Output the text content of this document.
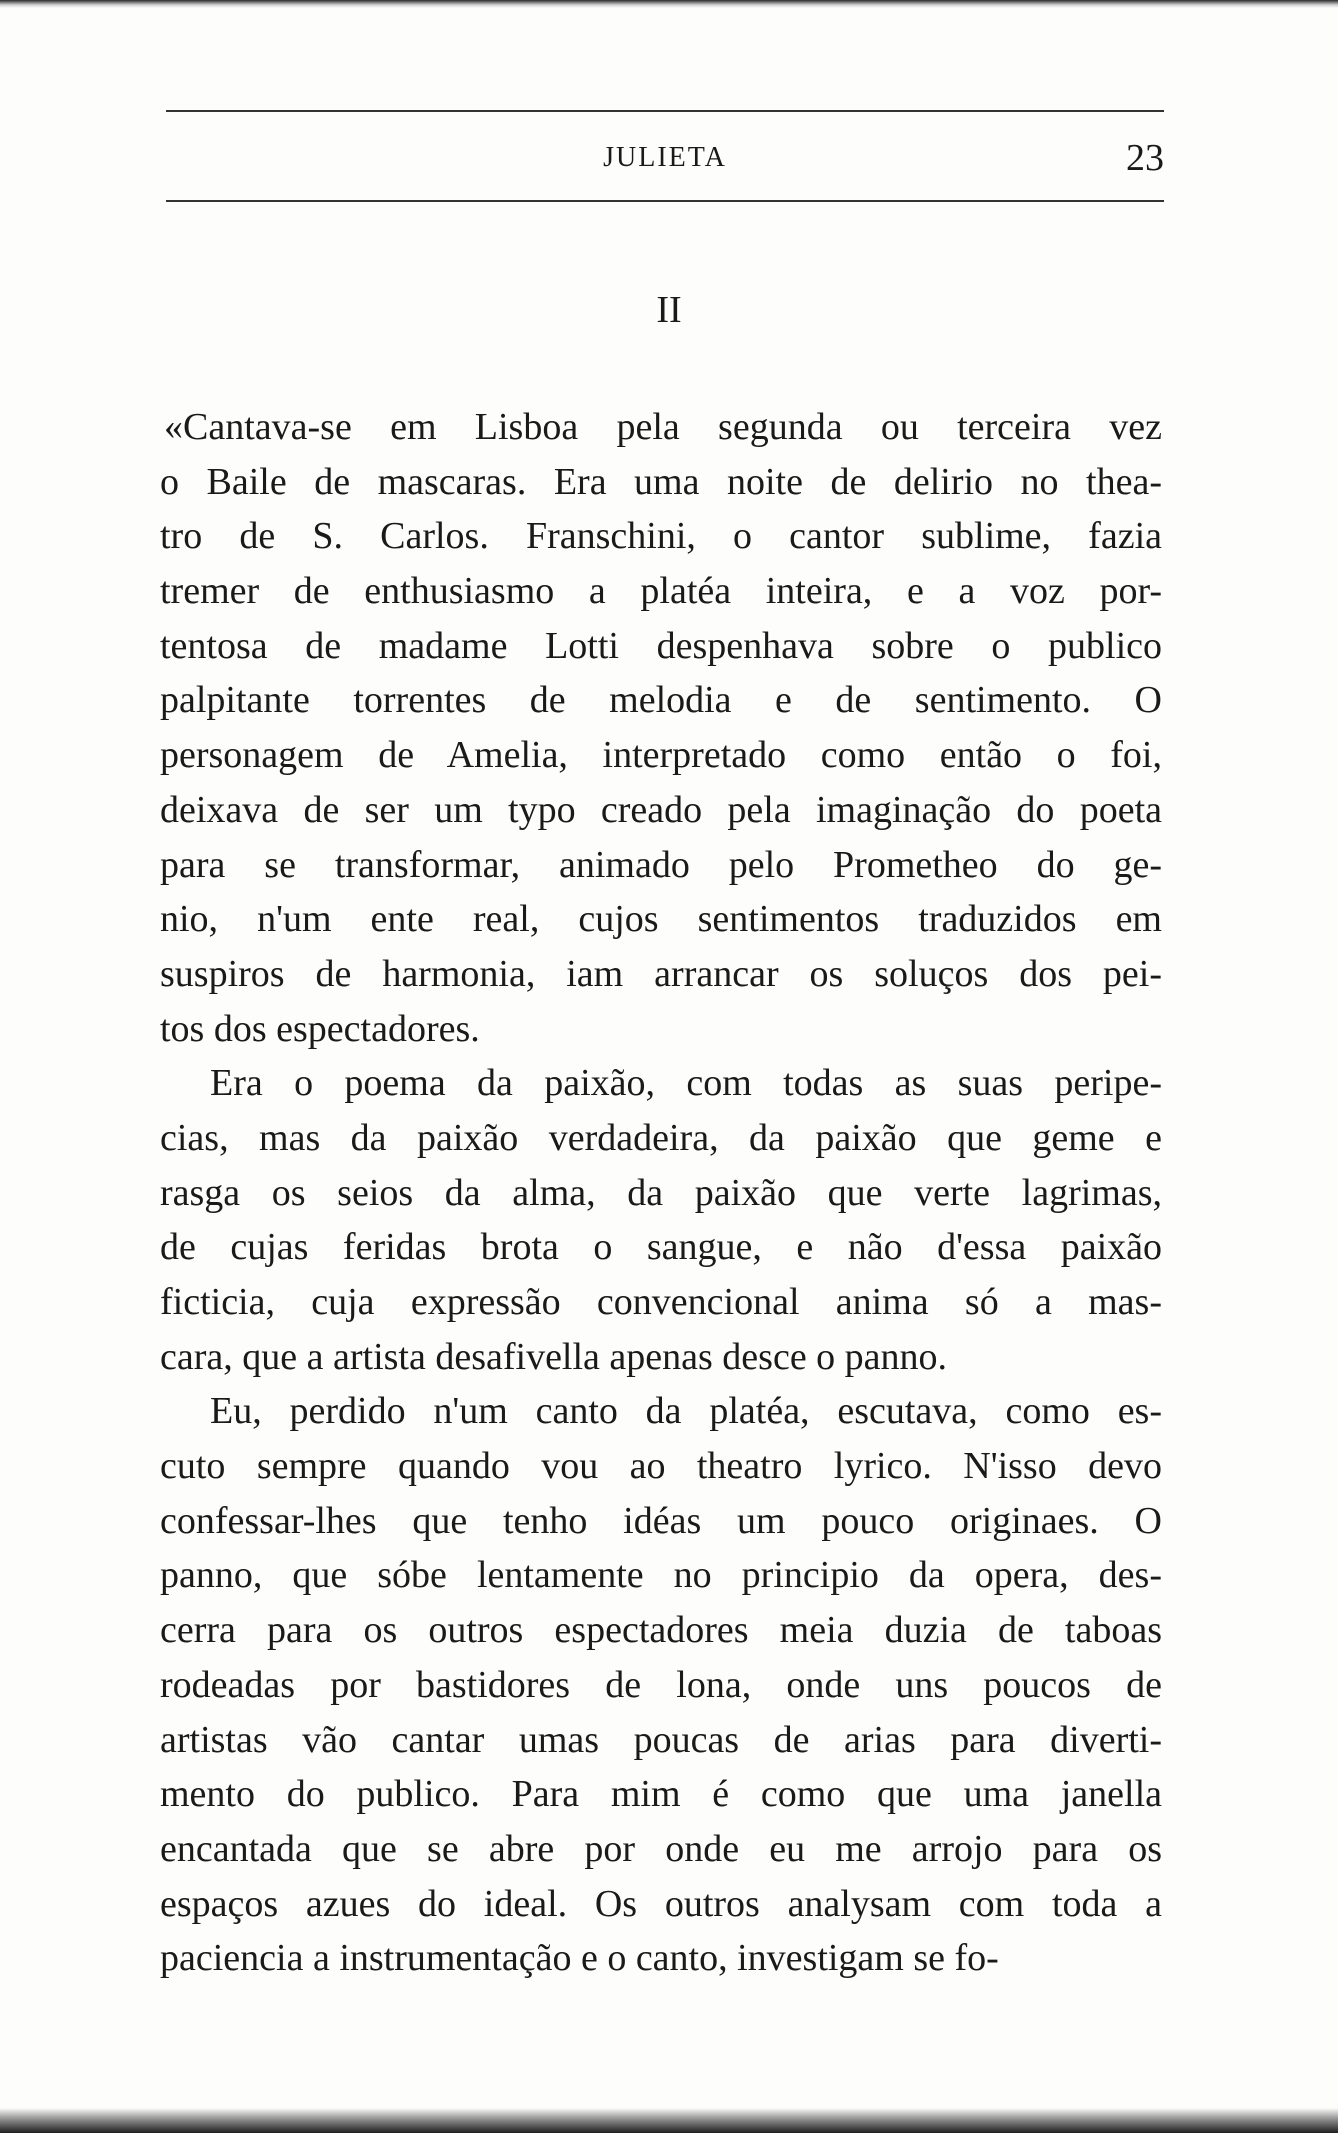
JULIETA	23
II
«Cantava-se em Lisboa pela segunda ou terceira vez
o Baile de mascaras. Era uma noite de delirio no thea-
tro de S. Carlos. Franschini, o cantor sublime, fazia
tremer de enthusiasmo a platéa inteira, e a voz por-
tentosa de madame Lotti despenhava sobre o publico
palpitante torrentes de melodia e de sentimento. O
personagem de Amelia, interpretado como então o foi,
deixava de ser um typo creado pela imaginação do poeta
para se transformar, animado pelo Prometheo do ge-
nio, n'um ente real, cujos sentimentos traduzidos em
suspiros de harmonia, iam arrancar os soluços dos pei-
tos dos espectadores.
Era o poema da paixão, com todas as suas peripe-
cias, mas da paixão verdadeira, da paixão que geme e
rasga os seios da alma, da paixão que verte lagrimas,
de cujas feridas brota o sangue, e não d'essa paixão
ficticia, cuja expressão convencional anima só a mas-
cara, que a artista desafivella apenas desce o panno.
Eu, perdido n'um canto da platéa, escutava, como es-
cuto sempre quando vou ao theatro lyrico. N'isso devo
confessar-lhes que tenho idéas um pouco originaes. O
panno, que sóbe lentamente no principio da opera, des-
cerra para os outros espectadores meia duzia de taboas
rodeadas por bastidores de lona, onde uns poucos de
artistas vão cantar umas poucas de arias para diverti-
mento do publico. Para mim é como que uma janella
encantada que se abre por onde eu me arrojo para os
espaços azues do ideal. Os outros analysam com toda a
paciencia a instrumentação e o canto, investigam se fo-
